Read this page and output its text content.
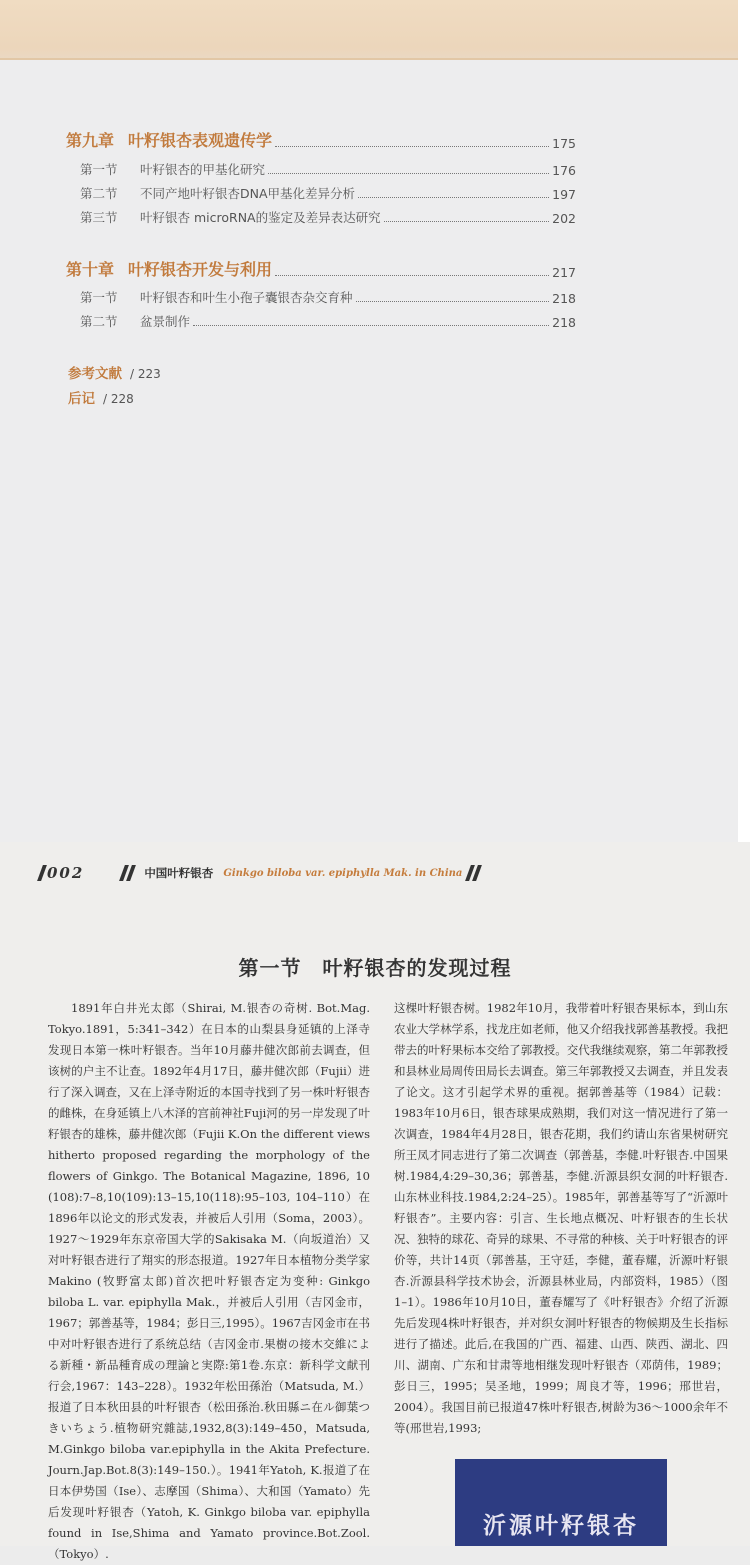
第九章 叶籽银杏表观遗传学	175
第一节	叶籽银杏的甲基化研究	176
第二节	不同产地叶籽银杏DNA甲基化差异分析	197
第三节	叶籽银杏 microRNA的鉴定及差异表达研究	202
第十章 叶籽银杏开发与利用	217
第一节	叶籽银杏和叶生小孢子囊银杏杂交育种	218
第二节	盆景制作	218
参考文献 / 223
后记 / 228
002	中国叶籽银杏 Ginkgo biloba var. epiphylla Mak. in China
第一节　叶籽银杏的发现过程
1891年白井光太郎（Shirai, M.银杏の奇树. Bot.Mag. Tokyo.1891，5:341–342）在日本的山梨县身延镇的上泽寺发现日本第一株叶籽银杏。当年10月藤井健次郎前去调查，但该树的户主不让查。1892年4月17日，藤井健次郎（Fujii）进行了深入调查，又在上泽寺附近的本国寺找到了另一株叶籽银杏的雌株，在身延镇上八木泽的宫前神社Fuji河的另一岸发现了叶籽银杏的雄株，藤井健次郎（Fujii K.On the different views hitherto proposed regarding the morphology of the flowers of Ginkgo. The Botanical Magazine, 1896, 10 (108):7–8,10(109):13–15,10(118):95–103, 104–110）在1896年以论文的形式发表，并被后人引用（Soma，2003）。1927～1929年东京帝国大学的Sakisaka M.（向坂道治）又对叶籽银杏进行了翔实的形态报道。1927年日本植物分类学家Makino (牧野富太郎)首次把叶籽银杏定为变种: Ginkgo biloba L. var. epiphylla Mak.，并被后人引用（吉冈金市，1967；郭善基等，1984；彭日三,1995）。1967吉冈金市在书中对叶籽银杏进行了系统总结（吉冈金市.果樹の接木交維による新種・新品種育成の理論と実際:第1卷.东京：新科学文献刊行会,1967：143–228）。1932年松田孫治（Matsuda, M.）报道了日本秋田县的叶籽银杏（松田孫治.秋田縣ニ在ル御葉つきいちょう.植物研究雜誌,1932,8(3):149–450，Matsuda, M.Ginkgo biloba var.epiphylla in the Akita Prefecture. Journ.Jap.Bot.8(3):149–150.）。1941年Yatoh, K.报道了在日本伊势国（Ise）、志摩国（Shima）、大和国（Yamato）先后发现叶籽银杏（Yatoh, K. Ginkgo biloba var. epiphylla found in Ise,Shima and Yamato province.Bot.Zool.（Tokyo）.
这棵叶籽银杏树。1982年10月，我带着叶籽银杏果标本，到山东农业大学林学系，找龙庄如老师，他又介绍我找郭善基教授。我把带去的叶籽果标本交给了郭教授。交代我继续观察，第二年郭教授和县林业局周传田局长去调查。第三年郭教授又去调查，并且发表了论文。这才引起学术界的重视。据郭善基等（1984）记载：1983年10月6日，银杏球果成熟期，我们对这一情况进行了第一次调查，1984年4月28日，银杏花期，我们约请山东省果树研究所王凤才同志进行了第二次调查（郭善基，李健.叶籽银杏.中国果树.1984,4:29–30,36；郭善基，李健.沂源县织女洞的叶籽银杏.山东林业科技.1984,2:24–25）。1985年，郭善基等写了“沂源叶籽银杏”。主要内容：引言、生长地点概况、叶籽银杏的生长状况、独特的球花、奇异的球果、不寻常的种核、关于叶籽银杏的评价等，共计14页（郭善基，王守廷，李健，董春耀，沂源叶籽银杏.沂源县科学技术协会，沂源县林业局，内部资料，1985）（图1–1）。1986年10月10日，董春耀写了《叶籽银杏》介绍了沂源先后发现4株叶籽银杏，并对织女洞叶籽银杏的物候期及生长指标进行了描述。此后,在我国的广西、福建、山西、陕西、湖北、四川、湖南、广东和甘肃等地相继发现叶籽银杏（邓荫伟，1989；彭日三，1995；吴圣地，1999；周良才等，1996；邢世岩，2004）。我国目前已报道47株叶籽银杏,树龄为36～1000余年不等(邢世岩,1993;
沂源叶籽银杏
